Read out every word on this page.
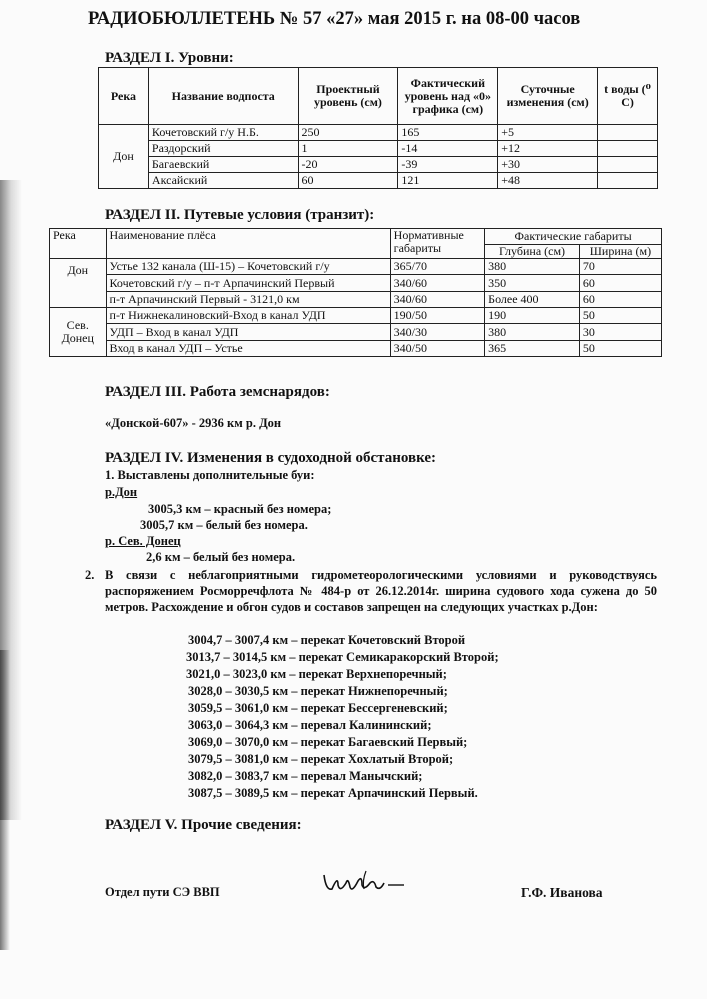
РАДИОБЮЛЛЕТЕНЬ № 57 «27» мая 2015 г. на 08-00 часов
РАЗДЕЛ I. Уровни:
Река	Название водпоста	Проектный уровень (см)	Фактический уровень над «0» графика (см)	Суточные изменения (см)	t воды (⁰ С)
Дон	Кочетовский г/у Н.Б.	250	165	+5	
	Раздорский	1	-14	+12	
	Багаевский	-20	-39	+30	
	Аксайский	60	121	+48	
РАЗДЕЛ II. Путевые условия (транзит):
Река	Наименование плёса	Нормативные габариты	Фактические габариты	
			Глубина (см)	Ширина (м)
Дон	Устье 132 канала (Ш-15) – Кочетовский г/у	365/70	380	70
	Кочетовский г/у – п-т Арпачинский Первый	340/60	350	60
	п-т Арпачинский Первый - 3121,0 км	340/60	Более 400	60
Сев. Донец	п-т Нижнекалиновский-Вход в канал УДП	190/50	190	50
	УДП – Вход в канал УДП	340/30	380	30
	Вход в канал УДП – Устье	340/50	365	50
РАЗДЕЛ III. Работа земснарядов:
«Донской-607» - 2936 км р. Дон
РАЗДЕЛ IV. Изменения в судоходной обстановке:
1. Выставлены дополнительные буи:
р.Дон
3005,3 км – красный без номера;
3005,7 км – белый без номера.
р. Сев. Донец
2,6 км – белый без номера.
2. В связи с неблагоприятными гидрометеорологическими условиями и руководствуясь распоряжением Росморречфлота № 484-р от 26.12.2014г. ширина судового хода сужена до 50 метров. Расхождение и обгон судов и составов запрещен на следующих участках р.Дон:
3004,7 – 3007,4 км – перекат Кочетовский Второй
3013,7 – 3014,5 км – перекат Семикаракорский Второй;
3021,0 – 3023,0 км – перекат Верхнепоречный;
3028,0 – 3030,5 км – перекат Нижнепоречный;
3059,5 – 3061,0 км – перекат Бессергеневский;
3063,0 – 3064,3 км – перевал Калининский;
3069,0 – 3070,0 км – перекат Багаевский Первый;
3079,5 – 3081,0 км – перекат Хохлатый Второй;
3082,0 – 3083,7 км – перевал Манычский;
3087,5 – 3089,5 км – перекат Арпачинский Первый.
РАЗДЕЛ V. Прочие сведения:
Отдел пути СЭ ВВП	Г.Ф. Иванова
